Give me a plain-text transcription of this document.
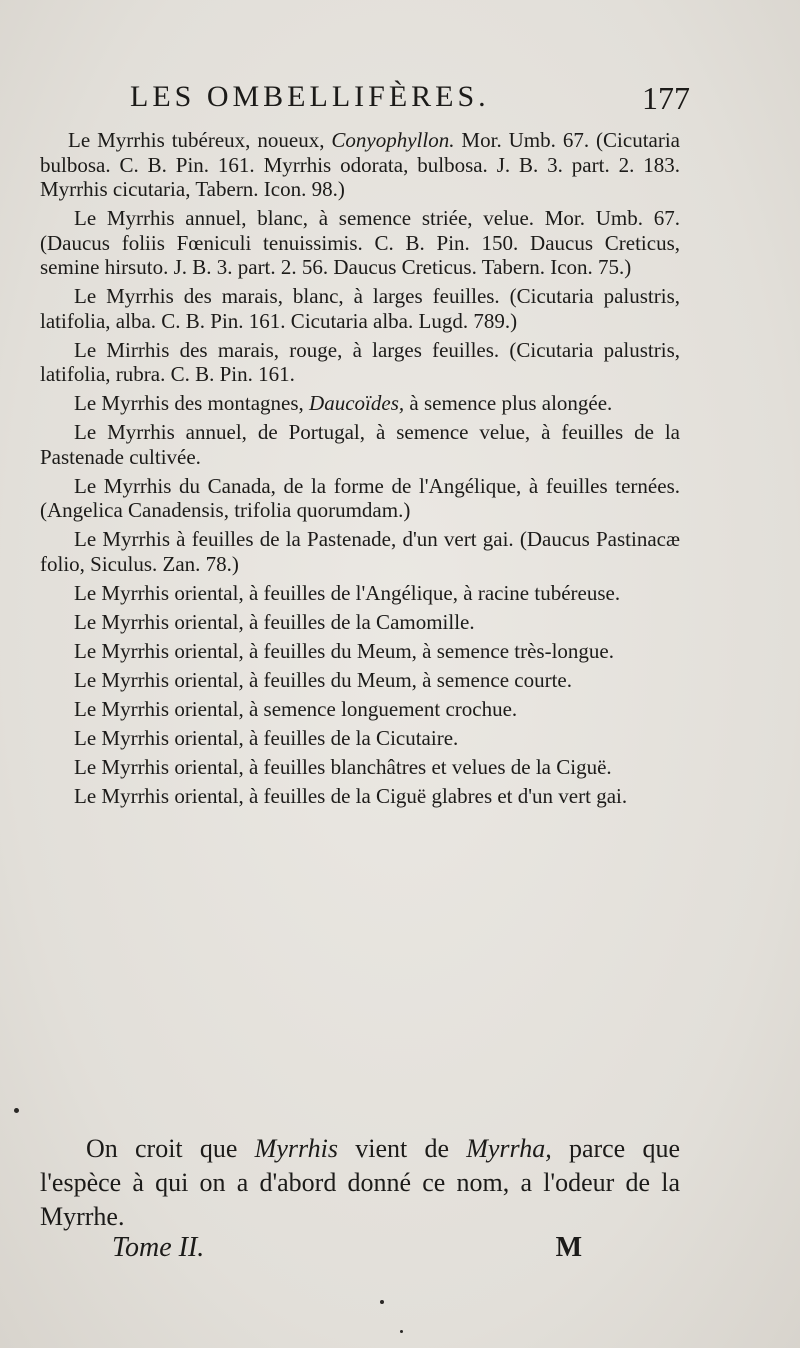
LES OMBELLIFÈRES.	177

Le Myrrhis tubéreux, noueux, Conyophyllon. Mor. Umb. 67. (Cicutaria bulbosa. C. B. Pin. 161. Myrrhis odorata, bulbosa. J. B. 3. part. 2. 183. Myrrhis cicutaria, Tabern. Icon. 98.)

Le Myrrhis annuel, blanc, à semence striée, velue. Mor. Umb. 67. (Daucus foliis Fœniculi tenuissimis. C. B. Pin. 150. Daucus Creticus, semine hirsuto. J. B. 3. part. 2. 56. Daucus Creticus. Tabern. Icon. 75.)

Le Myrrhis des marais, blanc, à larges feuilles. (Cicutaria palustris, latifolia, alba. C. B. Pin. 161. Cicutaria alba. Lugd. 789.)

Le Mirrhis des marais, rouge, à larges feuilles. (Cicutaria palustris, latifolia, rubra. C. B. Pin. 161.

Le Myrrhis des montagnes, Daucoïdes, à semence plus alongée.

Le Myrrhis annuel, de Portugal, à semence velue, à feuilles de la Pastenade cultivée.

Le Myrrhis du Canada, de la forme de l'Angélique, à feuilles ternées. (Angelica Canadensis, trifolia quorumdam.)

Le Myrrhis à feuilles de la Pastenade, d'un vert gai. (Daucus Pastinacæ folio, Siculus. Zan. 78.)

Le Myrrhis oriental, à feuilles de l'Angélique, à racine tubéreuse.

Le Myrrhis oriental, à feuilles de la Camomille.

Le Myrrhis oriental, à feuilles du Meum, à semence très-longue.

Le Myrrhis oriental, à feuilles du Meum, à semence courte.

Le Myrrhis oriental, à semence longuement crochue.

Le Myrrhis oriental, à feuilles de la Cicutaire.

Le Myrrhis oriental, à feuilles blanchâtres et velues de la Ciguë.

Le Myrrhis oriental, à feuilles de la Ciguë glabres et d'un vert gai.

On croit que Myrrhis vient de Myrrha, parce que l'espèce à qui on a d'abord donné ce nom, a l'odeur de la Myrrhe.

Tome II.	M
